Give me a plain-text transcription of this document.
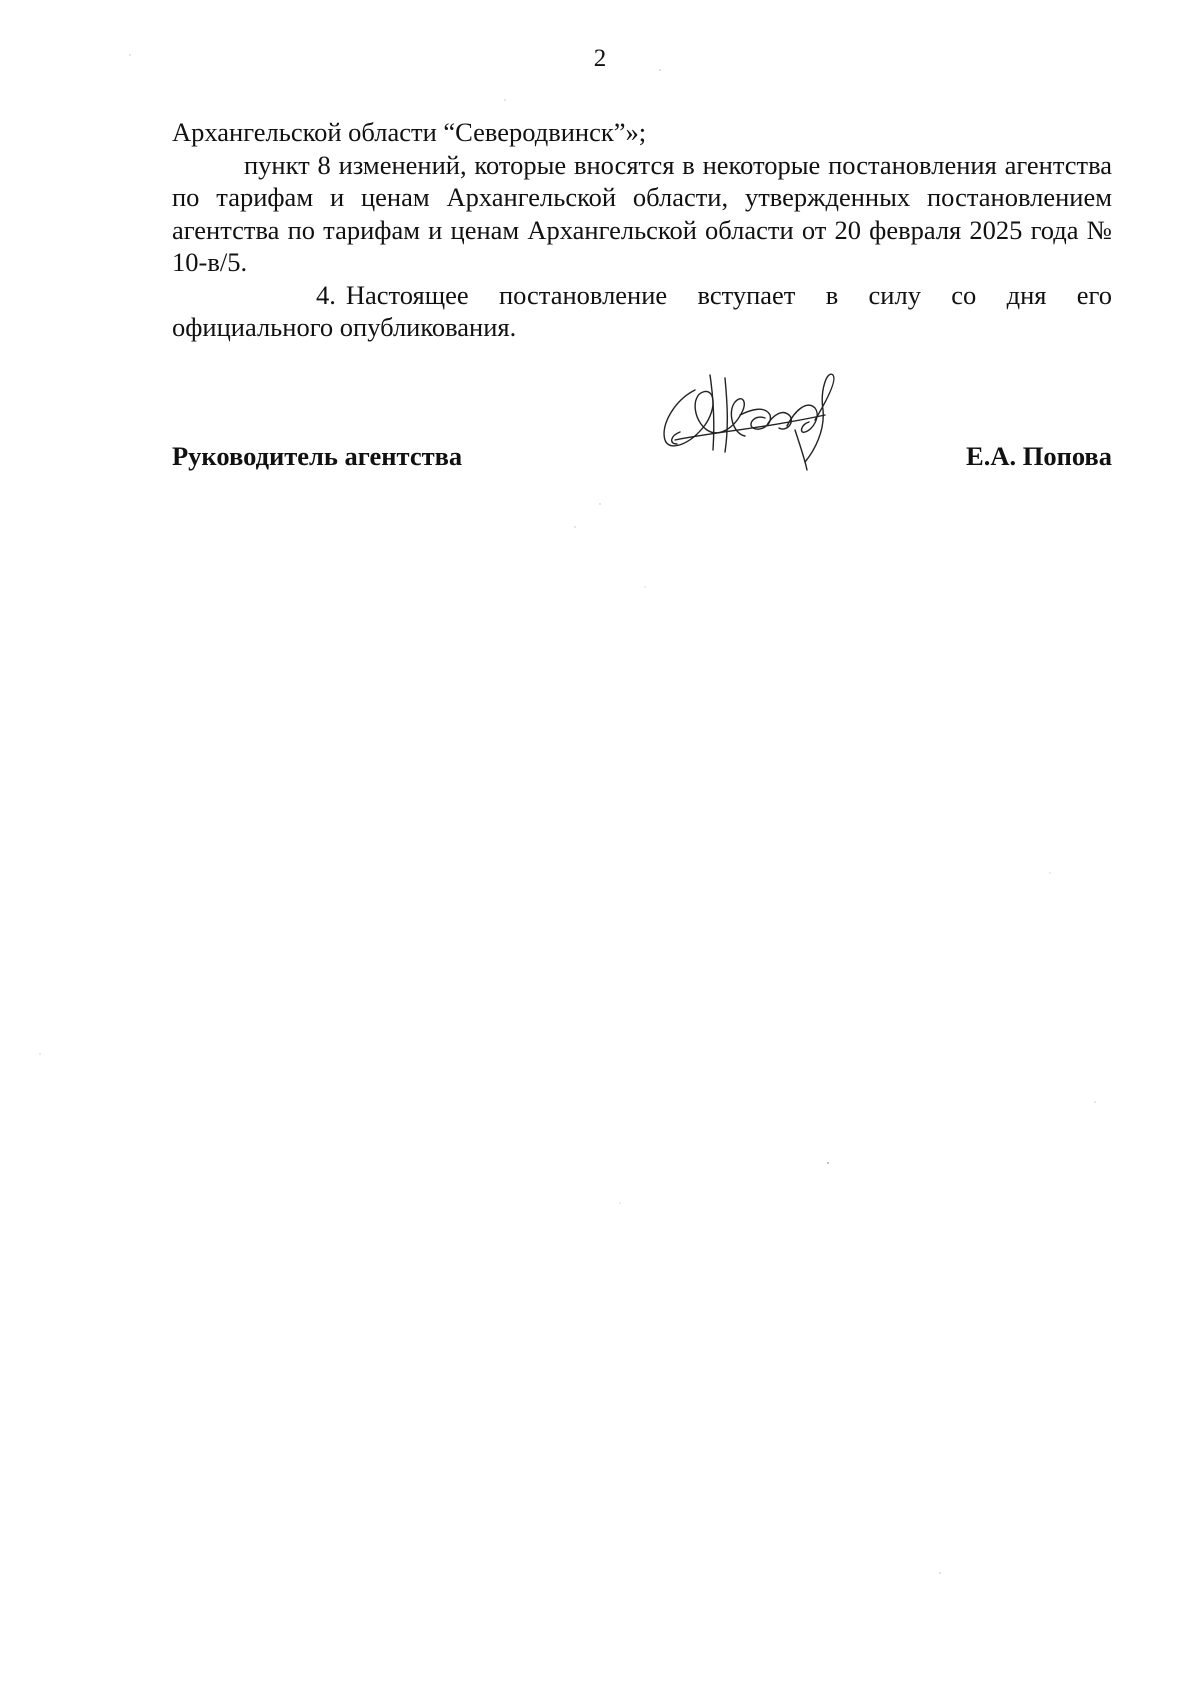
2

Архангельской области “Северодвинск”»;

пункт 8 изменений, которые вносятся в некоторые постановления агентства по тарифам и ценам Архангельской области, утвержденных постановлением агентства по тарифам и ценам Архангельской области от 20 февраля 2025 года № 10-в/5.

4. Настоящее постановление вступает в силу со дня его официального опубликования.

Руководитель агентства	Е.А. Попова
